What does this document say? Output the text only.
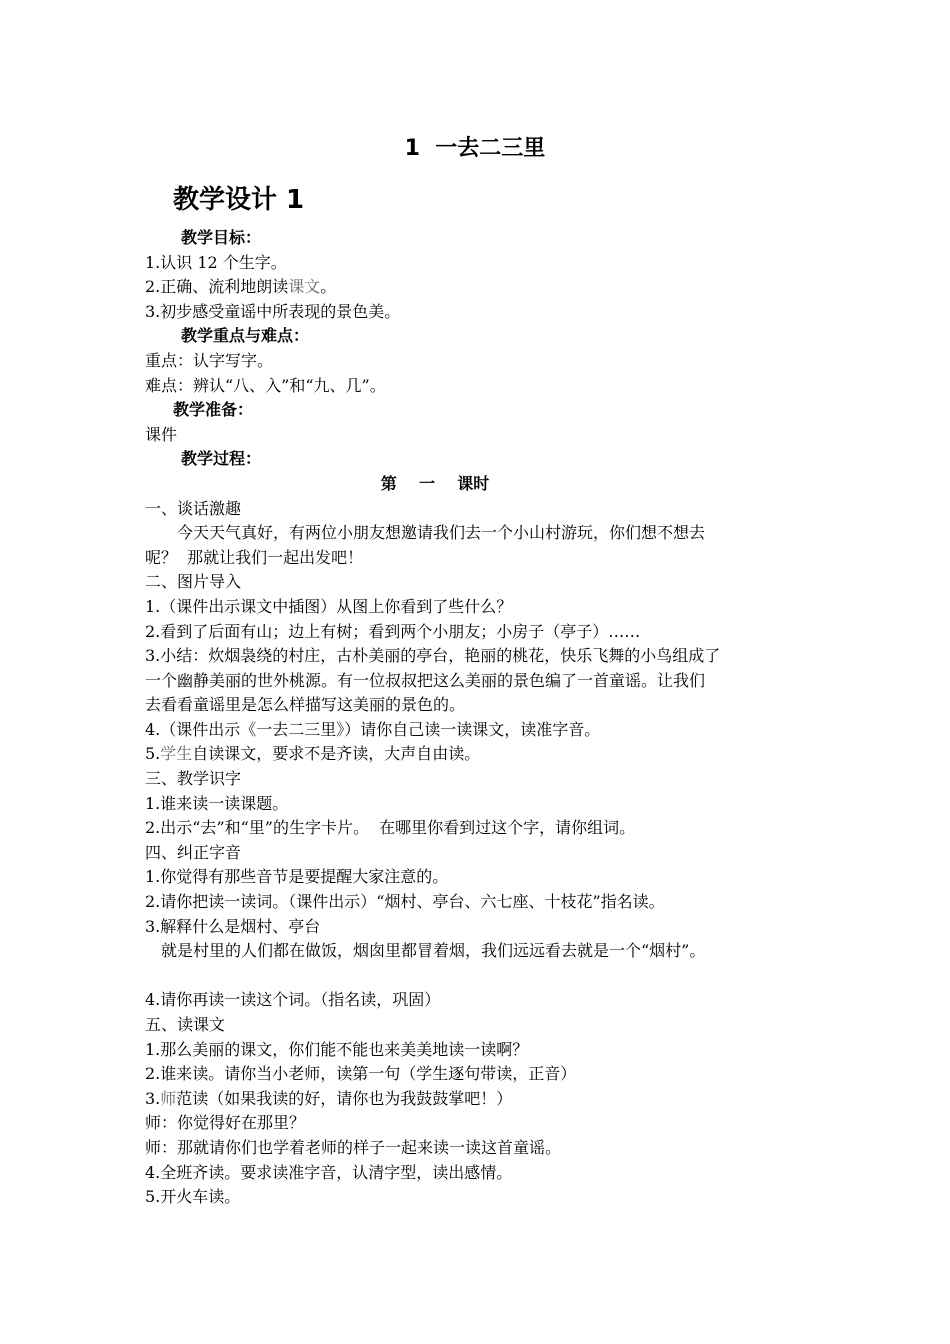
1  一去二三里
教学设计 1
教学目标：
1.认识 12 个生字。
2.正确、流利地朗读课文。
3.初步感受童谣中所表现的景色美。
教学重点与难点：
重点：认字写字。
难点：辨认“八、入”和“九、几”。
教学准备：
课件
教学过程：
第    一    课时
一、谈话激趣
今天天气真好，有两位小朋友想邀请我们去一个小山村游玩，你们想不想去
呢？  那就让我们一起出发吧！
二、图片导入
1.（课件出示课文中插图）从图上你看到了些什么？
2.看到了后面有山；边上有树；看到两个小朋友；小房子（亭子）……
3.小结：炊烟袅绕的村庄，古朴美丽的亭台，艳丽的桃花，快乐飞舞的小鸟组成了
一个幽静美丽的世外桃源。有一位叔叔把这么美丽的景色编了一首童谣。让我们
去看看童谣里是怎么样描写这美丽的景色的。
4.（课件出示《一去二三里》）请你自己读一读课文，读准字音。
5.学生自读课文，要求不是齐读，大声自由读。
三、教学识字
1.谁来读一读课题。
2.出示“去”和“里”的生字卡片。  在哪里你看到过这个字，请你组词。
四、纠正字音
1.你觉得有那些音节是要提醒大家注意的。
2.请你把读一读词。（课件出示）“烟村、亭台、六七座、十枝花”指名读。
3.解释什么是烟村、亭台
就是村里的人们都在做饭，烟囱里都冒着烟，我们远远看去就是一个“烟村”。
4.请你再读一读这个词。（指名读，巩固）
五、读课文
1.那么美丽的课文，你们能不能也来美美地读一读啊？
2.谁来读。请你当小老师，读第一句（学生逐句带读，正音）
3.师范读（如果我读的好，请你也为我鼓鼓掌吧！）
师：你觉得好在那里？
师：那就请你们也学着老师的样子一起来读一读这首童谣。
4.全班齐读。要求读准字音，认清字型，读出感情。
5.开火车读。
